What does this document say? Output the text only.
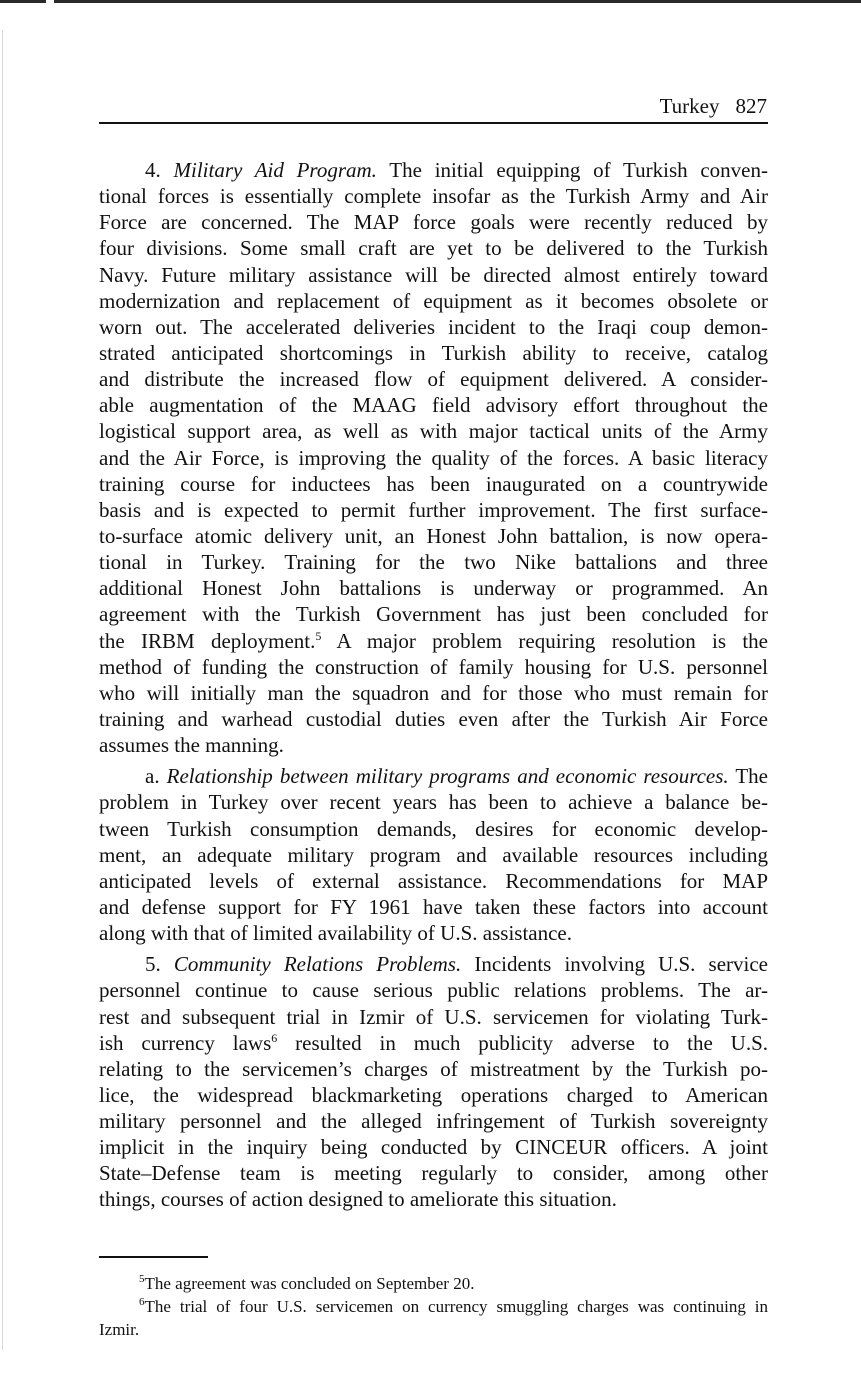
Turkey 827
4. Military Aid Program. The initial equipping of Turkish conven-
tional forces is essentially complete insofar as the Turkish Army and Air
Force are concerned. The MAP force goals were recently reduced by
four divisions. Some small craft are yet to be delivered to the Turkish
Navy. Future military assistance will be directed almost entirely toward
modernization and replacement of equipment as it becomes obsolete or
worn out. The accelerated deliveries incident to the Iraqi coup demon-
strated anticipated shortcomings in Turkish ability to receive, catalog
and distribute the increased flow of equipment delivered. A consider-
able augmentation of the MAAG field advisory effort throughout the
logistical support area, as well as with major tactical units of the Army
and the Air Force, is improving the quality of the forces. A basic literacy
training course for inductees has been inaugurated on a countrywide
basis and is expected to permit further improvement. The first surface-
to-surface atomic delivery unit, an Honest John battalion, is now opera-
tional in Turkey. Training for the two Nike battalions and three
additional Honest John battalions is underway or programmed. An
agreement with the Turkish Government has just been concluded for
the IRBM deployment.$^5$ A major problem requiring resolution is the
method of funding the construction of family housing for U.S. personnel
who will initially man the squadron and for those who must remain for
training and warhead custodial duties even after the Turkish Air Force
assumes the manning.
a. Relationship between military programs and economic resources. The
problem in Turkey over recent years has been to achieve a balance be-
tween Turkish consumption demands, desires for economic develop-
ment, an adequate military program and available resources including
anticipated levels of external assistance. Recommendations for MAP
and defense support for FY 1961 have taken these factors into account
along with that of limited availability of U.S. assistance.
5. Community Relations Problems. Incidents involving U.S. service
personnel continue to cause serious public relations problems. The ar-
rest and subsequent trial in Izmir of U.S. servicemen for violating Turk-
ish currency laws$^6$ resulted in much publicity adverse to the U.S.
relating to the servicemen’s charges of mistreatment by the Turkish po-
lice, the widespread blackmarketing operations charged to American
military personnel and the alleged infringement of Turkish sovereignty
implicit in the inquiry being conducted by CINCEUR officers. A joint
State–Defense team is meeting regularly to consider, among other
things, courses of action designed to ameliorate this situation.
$^5$The agreement was concluded on September 20.
$^6$The trial of four U.S. servicemen on currency smuggling charges was continuing in
Izmir.
